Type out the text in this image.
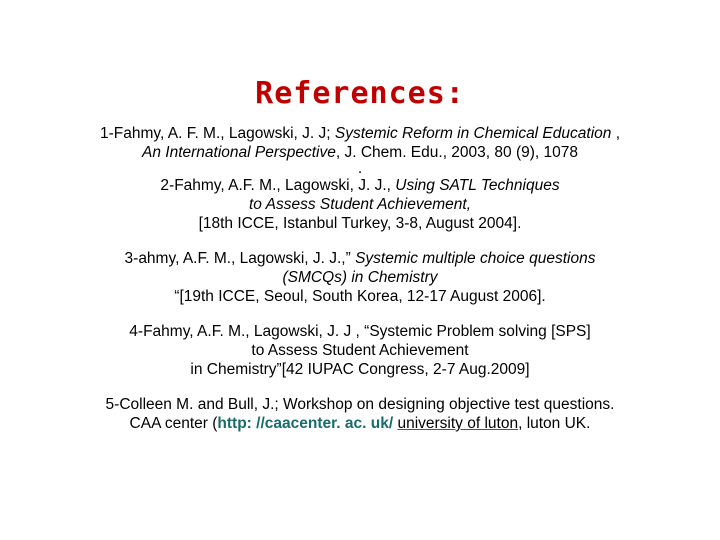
References:
1-Fahmy, A. F. M., Lagowski, J. J; Systemic Reform in Chemical Education ,
An International Perspective, J. Chem. Edu., 2003, 80 (9), 1078
.
2-Fahmy, A.F. M., Lagowski, J. J., Using SATL Techniques
to Assess Student Achievement,
[18th ICCE, Istanbul Turkey, 3-8, August 2004].
3-ahmy, A.F. M., Lagowski, J. J.,” Systemic multiple choice questions
(SMCQs) in Chemistry
“[19th ICCE, Seoul, South Korea, 12-17 August 2006].
4-Fahmy, A.F. M., Lagowski, J. J , “Systemic Problem solving [SPS]
to Assess Student Achievement
in Chemistry”[42 IUPAC Congress, 2-7 Aug.2009]
5-Colleen M. and Bull, J.; Workshop on designing objective test questions.
CAA center (http: //caacenter. ac. uk/ university of luton, luton UK.
